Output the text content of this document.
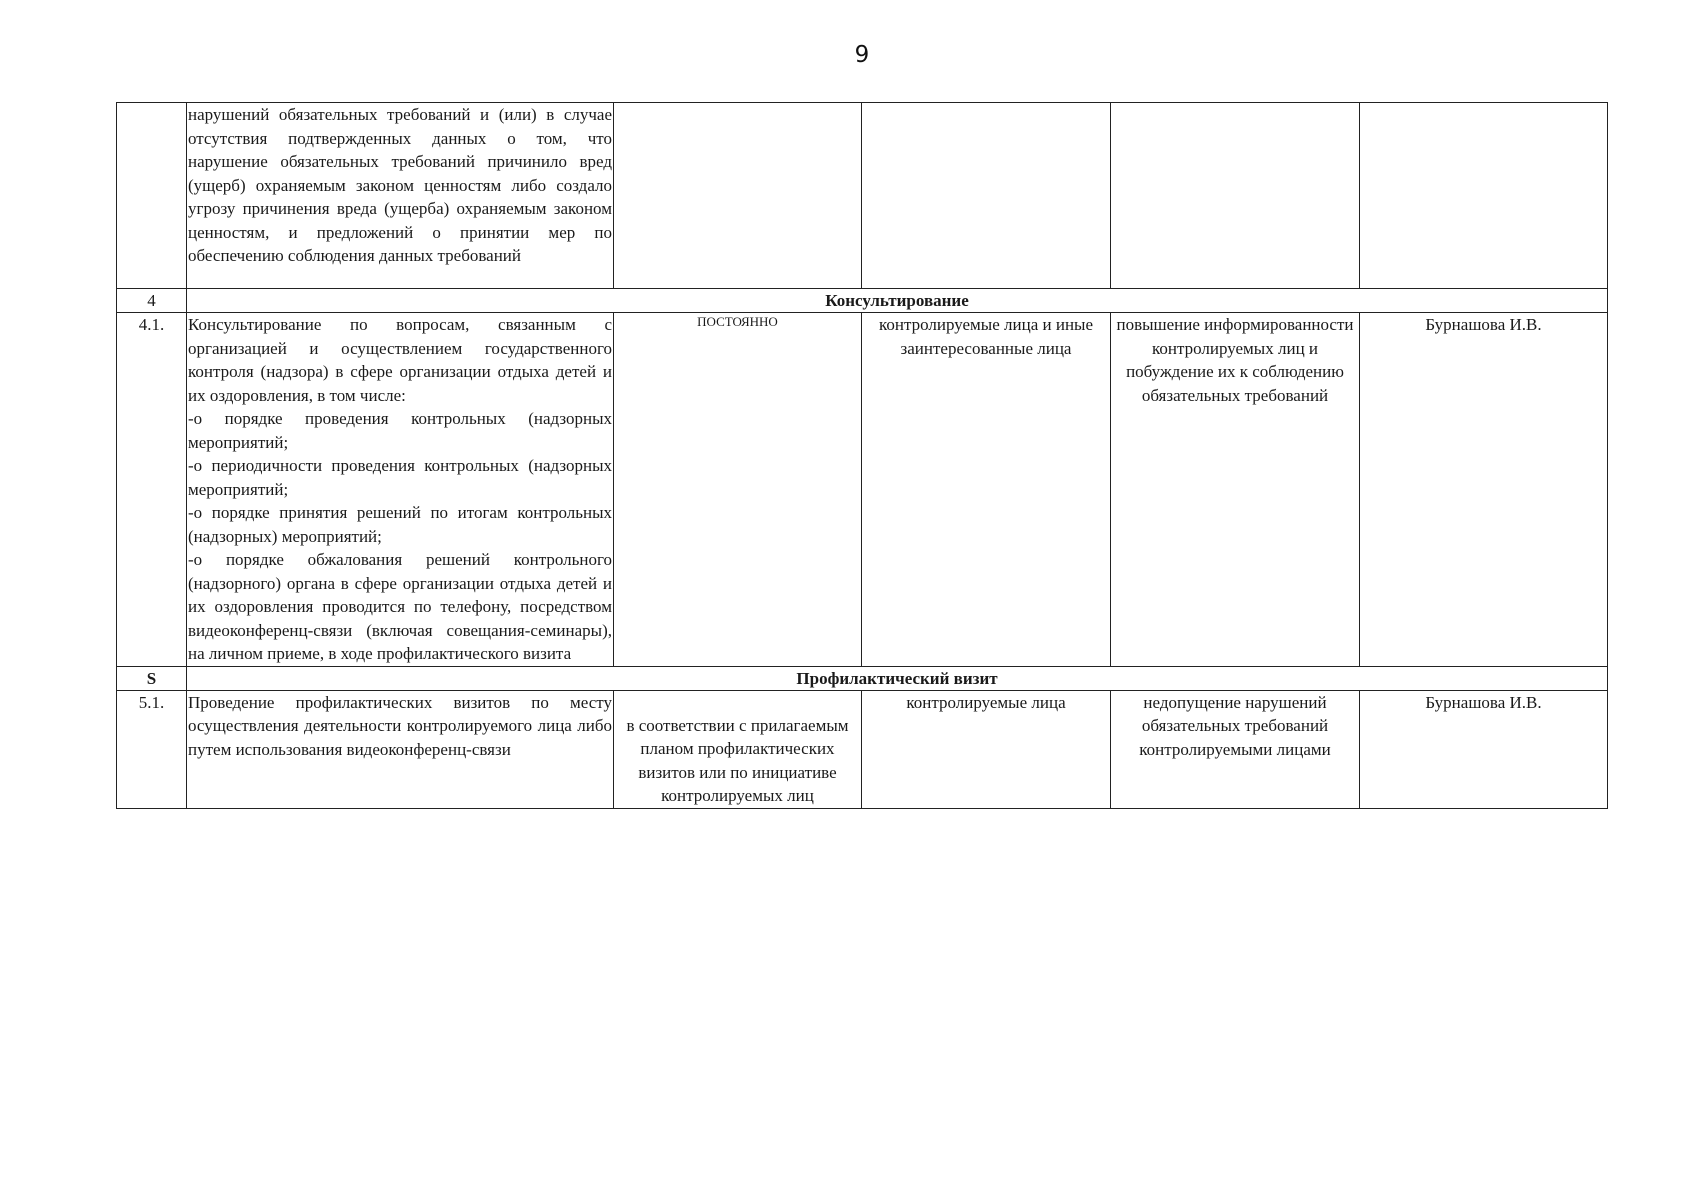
9
	нарушений обязательных требований и (или) в случае отсутствия подтвержденных данных о том, что нарушение обязательных требований причинило вред (ущерб) охраняемым законом ценностям либо создало угрозу причинения вреда (ущерба) охраняемым законом ценностям, и предложений о принятии мер по обеспечению соблюдения данных требований				
4	Консультирование				
4.1.	Консультирование по вопросам, связанным с организацией и осуществлением государственного контроля (надзора) в сфере организации отдыха детей и их оздоровления, в том числе:

-о порядке проведения контрольных (надзорных мероприятий;

-о периодичности проведения контрольных (надзорных мероприятий;

-о порядке принятия решений по итогам контрольных (надзорных) мероприятий;

-о порядке обжалования решений контрольного (надзорного) органа в сфере организации отдыха детей и их оздоровления проводится по телефону, посредством видеоконференц-связи (включая совещания-семинары), на личном приеме, в ходе профилактического визита	ПОСТОЯННО	контролируемые лица и иные заинтересованные лица	повышение информированности контролируемых лиц и побуждение их к соблюдению обязательных требований	Бурнашова И.В.
S	Профилактический визит				
5.1.	Проведение профилактических визитов по месту осуществления деятельности контролируемого лица либо путем использования видеоконференц-связи	в соответствии с прилагаемым планом профилактических визитов или по инициативе контролируемых лиц	контролируемые лица	недопущение нарушений обязательных требований контролируемыми лицами	Бурнашова И.В.
